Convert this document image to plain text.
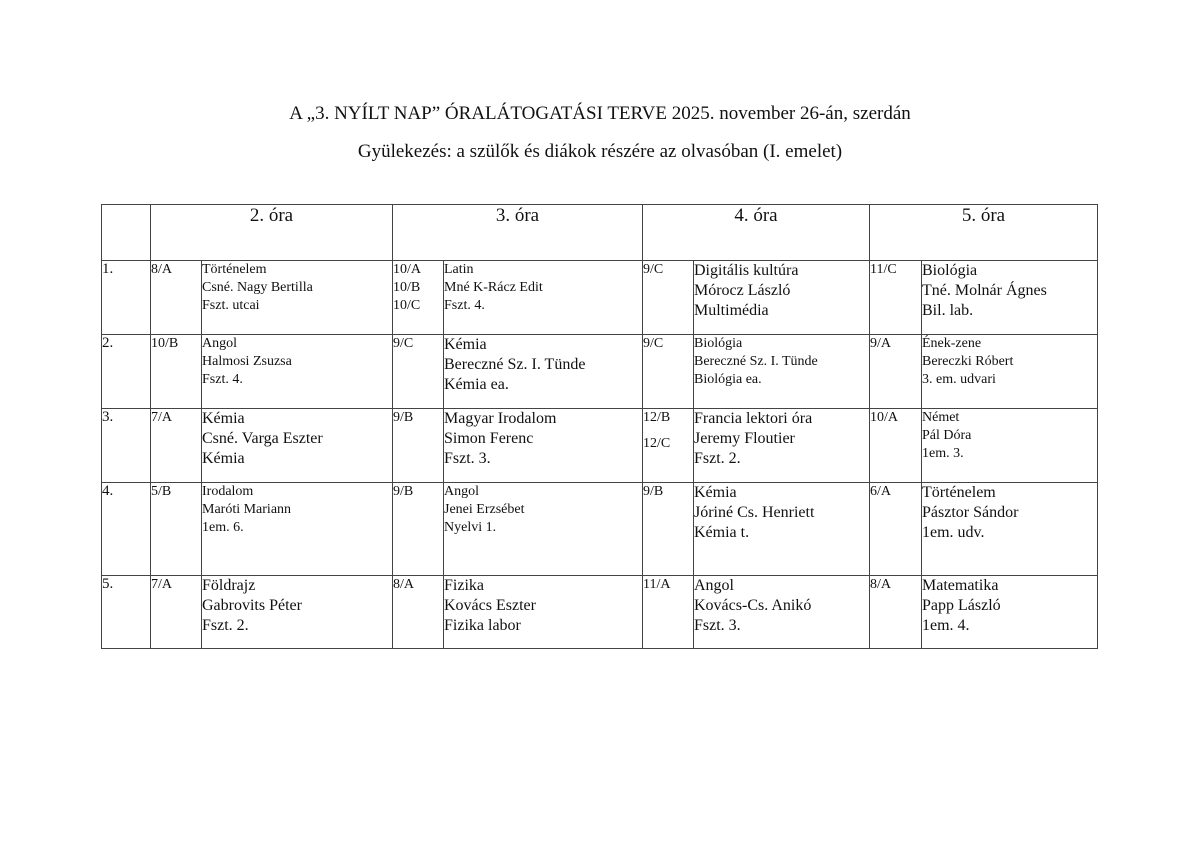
A „3. NYÍLT NAP” ÓRALÁTOGATÁSI TERVE 2025. november 26-án, szerdán
Gyülekezés: a szülők és diákok részére az olvasóban (I. emelet)
	2. óra		3. óra		4. óra		5. óra	
1.	8/A	Történelem
Csné. Nagy Bertilla
Fszt. utcai	10/A
10/B
10/C	Latin
Mné K-Rácz Edit
Fszt. 4.	9/C	Digitális kultúra
Mórocz László
Multimédia	11/C	Biológia
Tné. Molnár Ágnes
Bil. lab.

2.	10/B	Angol
Halmosi Zsuzsa
Fszt. 4.	9/C	Kémia
Bereczné Sz. I. Tünde
Kémia ea.	9/C	Biológia
Bereczné Sz. I. Tünde
Biológia ea.	9/A	Ének-zene
Bereczki Róbert
3. em. udvari

3.	7/A	Kémia
Csné. Varga Eszter
Kémia	9/B	Magyar Irodalom
Simon Ferenc
Fszt. 3.	12/B
12/C	Francia lektori óra
Jeremy Floutier
Fszt. 2.	10/A	Német
Pál Dóra
1em. 3.

4.	5/B	Irodalom
Maróti Mariann
1em. 6.	9/B	Angol
Jenei Erzsébet
Nyelvi 1.	9/B	Kémia
Jóriné Cs. Henriett
Kémia t.	6/A	Történelem
Pásztor Sándor
1em. udv.

5.	7/A	Földrajz
Gabrovits Péter
Fszt. 2.	8/A	Fizika
Kovács Eszter
Fizika labor	11/A	Angol
Kovács-Cs. Anikó
Fszt. 3.	8/A	Matematika
Papp László
1em. 4.
